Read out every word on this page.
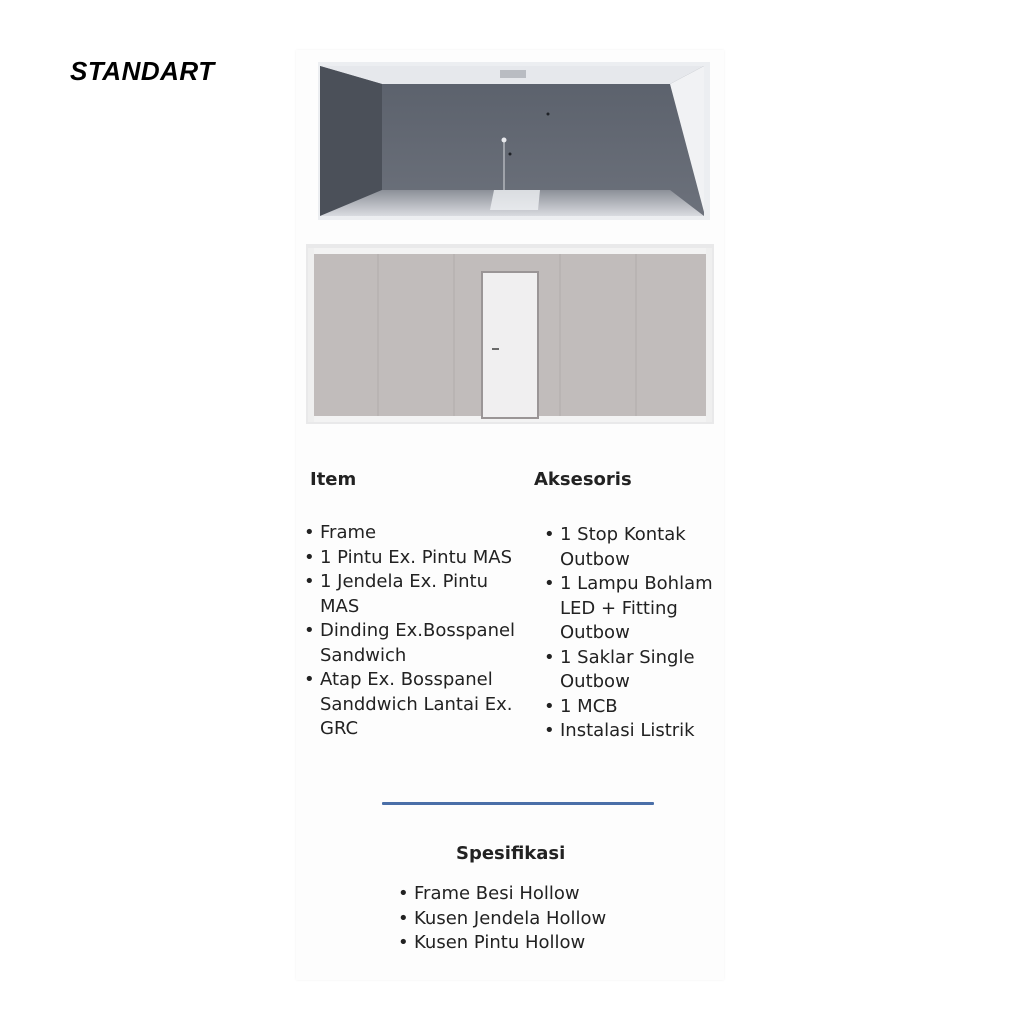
STANDART
Item	Aksesoris
• Frame
• 1 Pintu Ex. Pintu MAS
• 1 Jendela Ex. Pintu MAS
• Dinding Ex.Bosspanel Sandwich
• Atap Ex. Bosspanel Sanddwich Lantai Ex. GRC
• 1 Stop Kontak Outbow
• 1 Lampu Bohlam LED + Fitting Outbow
• 1 Saklar Single Outbow
• 1 MCB
• Instalasi Listrik
Spesifikasi
• Frame Besi Hollow
• Kusen Jendela Hollow
• Kusen Pintu Hollow
